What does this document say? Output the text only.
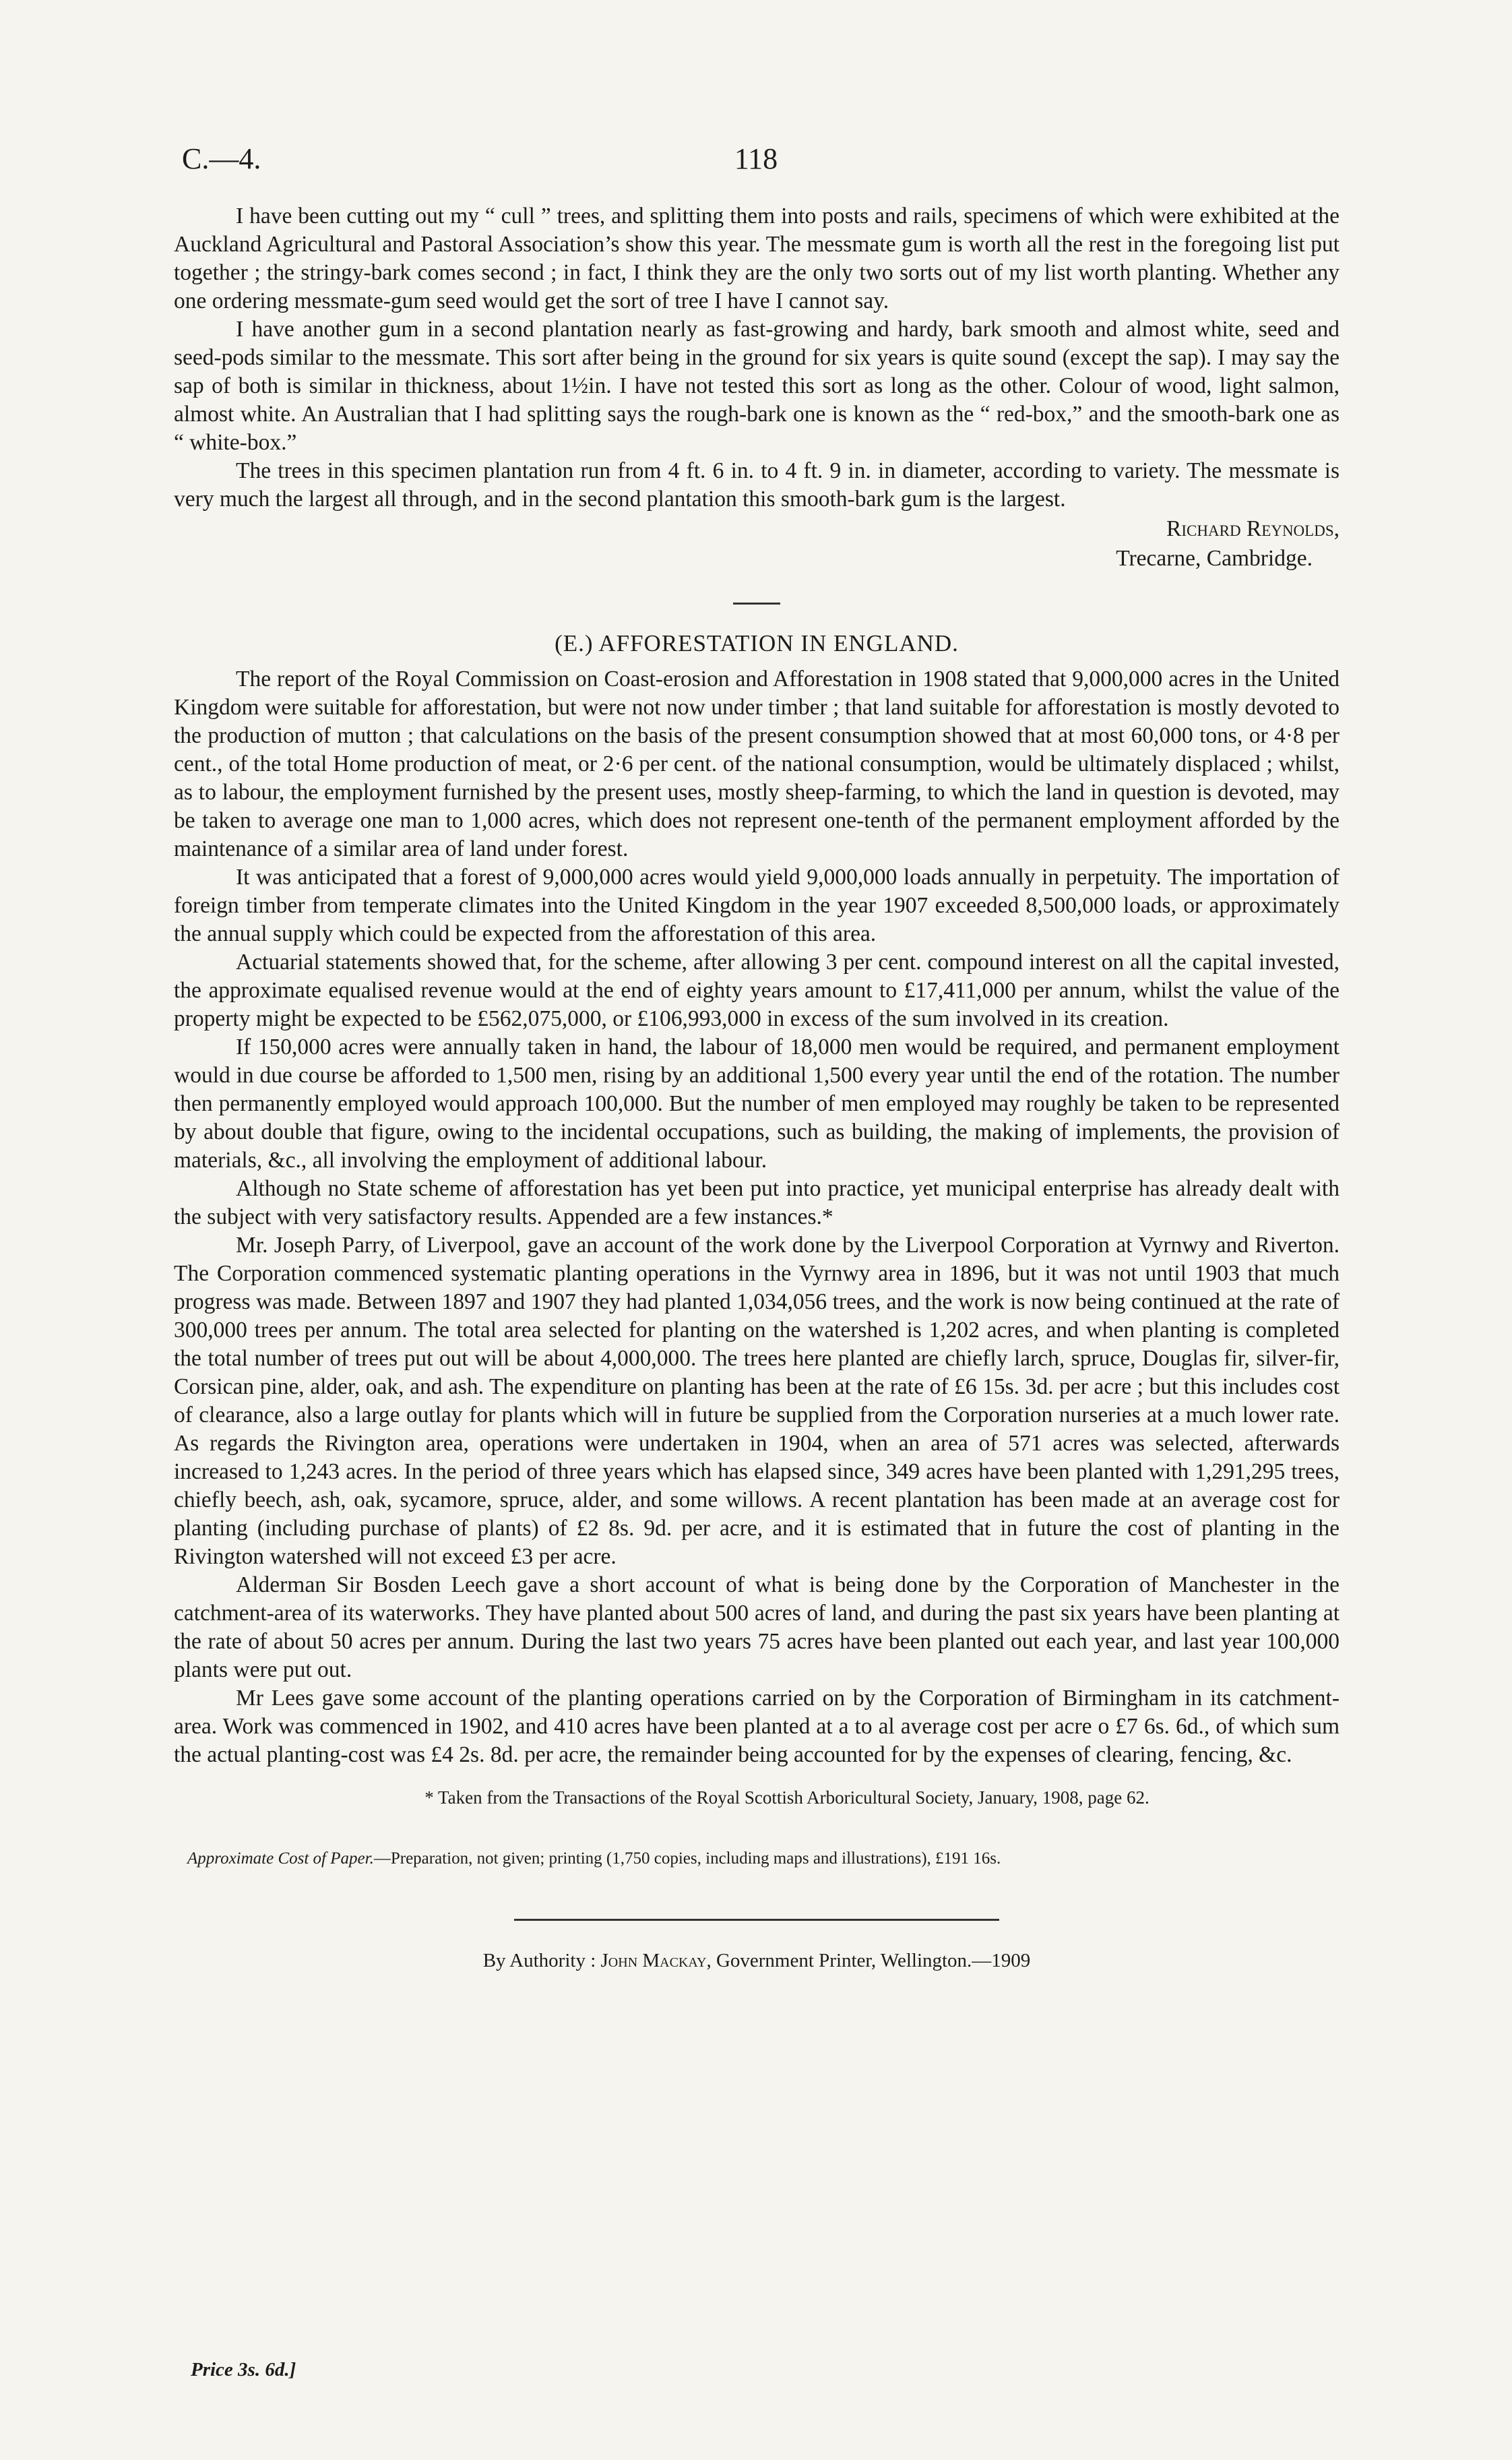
C.—4.	118

I have been cutting out my “ cull ” trees, and splitting them into posts and rails, specimens of which were exhibited at the Auckland Agricultural and Pastoral Association’s show this year. The messmate gum is worth all the rest in the foregoing list put together ; the stringy-bark comes second ; in fact, I think they are the only two sorts out of my list worth planting. Whether any one ordering messmate-gum seed would get the sort of tree I have I cannot say.

I have another gum in a second plantation nearly as fast-growing and hardy, bark smooth and almost white, seed and seed-pods similar to the messmate. This sort after being in the ground for six years is quite sound (except the sap). I may say the sap of both is similar in thickness, about 1½in. I have not tested this sort as long as the other. Colour of wood, light salmon, almost white. An Australian that I had splitting says the rough-bark one is known as the “ red-box,” and the smooth-bark one as “ white-box.”

The trees in this specimen plantation run from 4 ft. 6 in. to 4 ft. 9 in. in diameter, according to variety. The messmate is very much the largest all through, and in the second plantation this smooth-bark gum is the largest.

Richard Reynolds,
Trecarne, Cambridge.
(E.) AFFORESTATION IN ENGLAND.

The report of the Royal Commission on Coast-erosion and Afforestation in 1908 stated that 9,000,000 acres in the United Kingdom were suitable for afforestation, but were not now under timber ; that land suitable for afforestation is mostly devoted to the production of mutton ; that calculations on the basis of the present consumption showed that at most 60,000 tons, or 4·8 per cent., of the total Home production of meat, or 2·6 per cent. of the national consumption, would be ultimately displaced ; whilst, as to labour, the employment furnished by the present uses, mostly sheep-farming, to which the land in question is devoted, may be taken to average one man to 1,000 acres, which does not represent one-tenth of the permanent employment afforded by the maintenance of a similar area of land under forest.

It was anticipated that a forest of 9,000,000 acres would yield 9,000,000 loads annually in perpetuity. The importation of foreign timber from temperate climates into the United Kingdom in the year 1907 exceeded 8,500,000 loads, or approximately the annual supply which could be expected from the afforestation of this area.

Actuarial statements showed that, for the scheme, after allowing 3 per cent. compound interest on all the capital invested, the approximate equalised revenue would at the end of eighty years amount to £17,411,000 per annum, whilst the value of the property might be expected to be £562,075,000, or £106,993,000 in excess of the sum involved in its creation.

If 150,000 acres were annually taken in hand, the labour of 18,000 men would be required, and permanent employment would in due course be afforded to 1,500 men, rising by an additional 1,500 every year until the end of the rotation. The number then permanently employed would approach 100,000. But the number of men employed may roughly be taken to be represented by about double that figure, owing to the incidental occupations, such as building, the making of implements, the provision of materials, &c., all involving the employment of additional labour.

Although no State scheme of afforestation has yet been put into practice, yet municipal enterprise has already dealt with the subject with very satisfactory results. Appended are a few instances.*

Mr. Joseph Parry, of Liverpool, gave an account of the work done by the Liverpool Corporation at Vyrnwy and Riverton. The Corporation commenced systematic planting operations in the Vyrnwy area in 1896, but it was not until 1903 that much progress was made. Between 1897 and 1907 they had planted 1,034,056 trees, and the work is now being continued at the rate of 300,000 trees per annum. The total area selected for planting on the watershed is 1,202 acres, and when planting is completed the total number of trees put out will be about 4,000,000. The trees here planted are chiefly larch, spruce, Douglas fir, silver-fir, Corsican pine, alder, oak, and ash. The expenditure on planting has been at the rate of £6 15s. 3d. per acre ; but this includes cost of clearance, also a large outlay for plants which will in future be supplied from the Corporation nurseries at a much lower rate. As regards the Rivington area, operations were undertaken in 1904, when an area of 571 acres was selected, afterwards increased to 1,243 acres. In the period of three years which has elapsed since, 349 acres have been planted with 1,291,295 trees, chiefly beech, ash, oak, sycamore, spruce, alder, and some willows. A recent plantation has been made at an average cost for planting (including purchase of plants) of £2 8s. 9d. per acre, and it is estimated that in future the cost of planting in the Rivington watershed will not exceed £3 per acre.

Alderman Sir Bosden Leech gave a short account of what is being done by the Corporation of Manchester in the catchment-area of its waterworks. They have planted about 500 acres of land, and during the past six years have been planting at the rate of about 50 acres per annum. During the last two years 75 acres have been planted out each year, and last year 100,000 plants were put out.

Mr Lees gave some account of the planting operations carried on by the Corporation of Birmingham in its catchment-area. Work was commenced in 1902, and 410 acres have been planted at a to al average cost per acre o £7 6s. 6d., of which sum the actual planting-cost was £4 2s. 8d. per acre, the remainder being accounted for by the expenses of clearing, fencing, &c.

* Taken from the Transactions of the Royal Scottish Arboricultural Society, January, 1908, page 62.
Approximate Cost of Paper.—Preparation, not given; printing (1,750 copies, including maps and illustrations), £191 16s.
By Authority : John Mackay, Government Printer, Wellington.—1909
Price 3s. 6d.]
